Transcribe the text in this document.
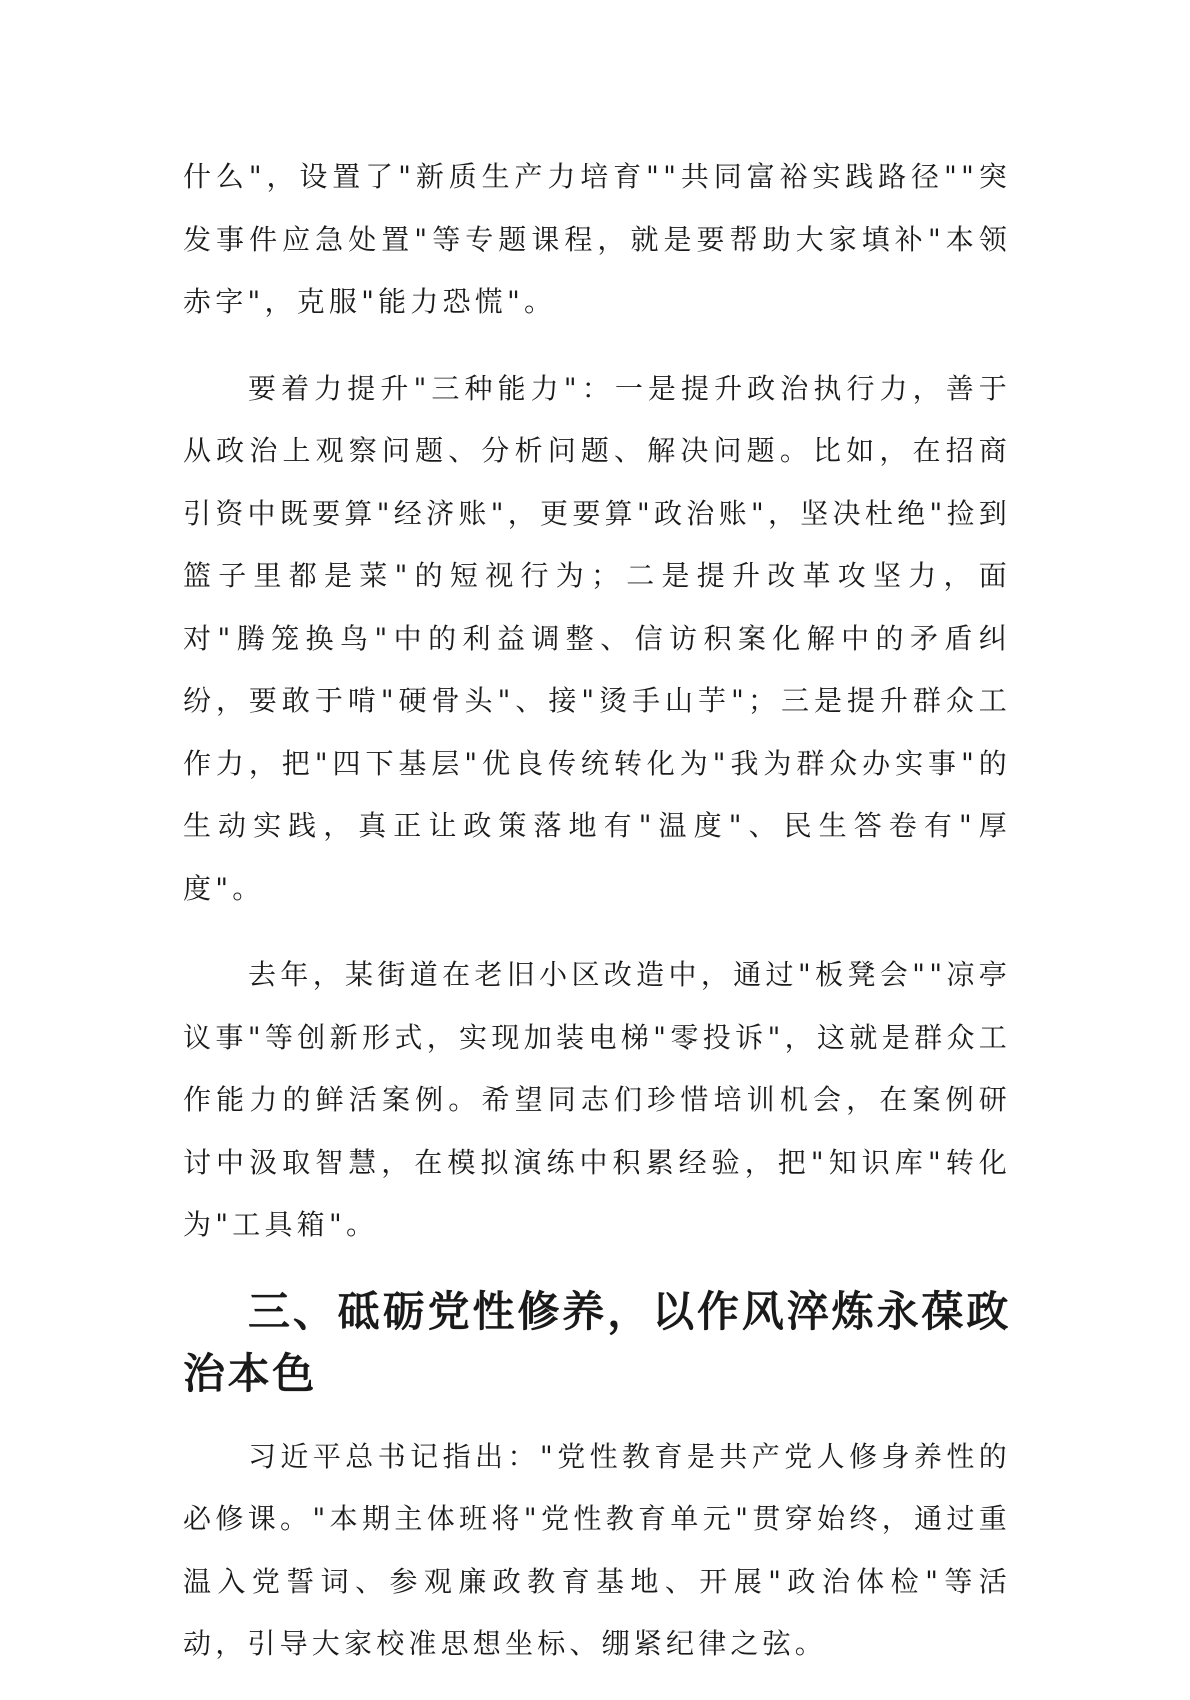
什么"，设置了"新质生产力培育""共同富裕实践路径""突发事件应急处置"等专题课程，就是要帮助大家填补"本领赤字"，克服"能力恐慌"。

要着力提升"三种能力"：一是提升政治执行力，善于从政治上观察问题、分析问题、解决问题。比如，在招商引资中既要算"经济账"，更要算"政治账"，坚决杜绝"捡到篮子里都是菜"的短视行为；二是提升改革攻坚力，面对"腾笼换鸟"中的利益调整、信访积案化解中的矛盾纠纷，要敢于啃"硬骨头"、接"烫手山芋"；三是提升群众工作力，把"四下基层"优良传统转化为"我为群众办实事"的生动实践，真正让政策落地有"温度"、民生答卷有"厚度"。

去年，某街道在老旧小区改造中，通过"板凳会""凉亭议事"等创新形式，实现加装电梯"零投诉"，这就是群众工作能力的鲜活案例。希望同志们珍惜培训机会，在案例研讨中汲取智慧，在模拟演练中积累经验，把"知识库"转化为"工具箱"。

三、砥砺党性修养，以作风淬炼永葆政治本色

习近平总书记指出："党性教育是共产党人修身养性的必修课。"本期主体班将"党性教育单元"贯穿始终，通过重温入党誓词、参观廉政教育基地、开展"政治体检"等活动，引导大家校准思想坐标、绷紧纪律之弦。
